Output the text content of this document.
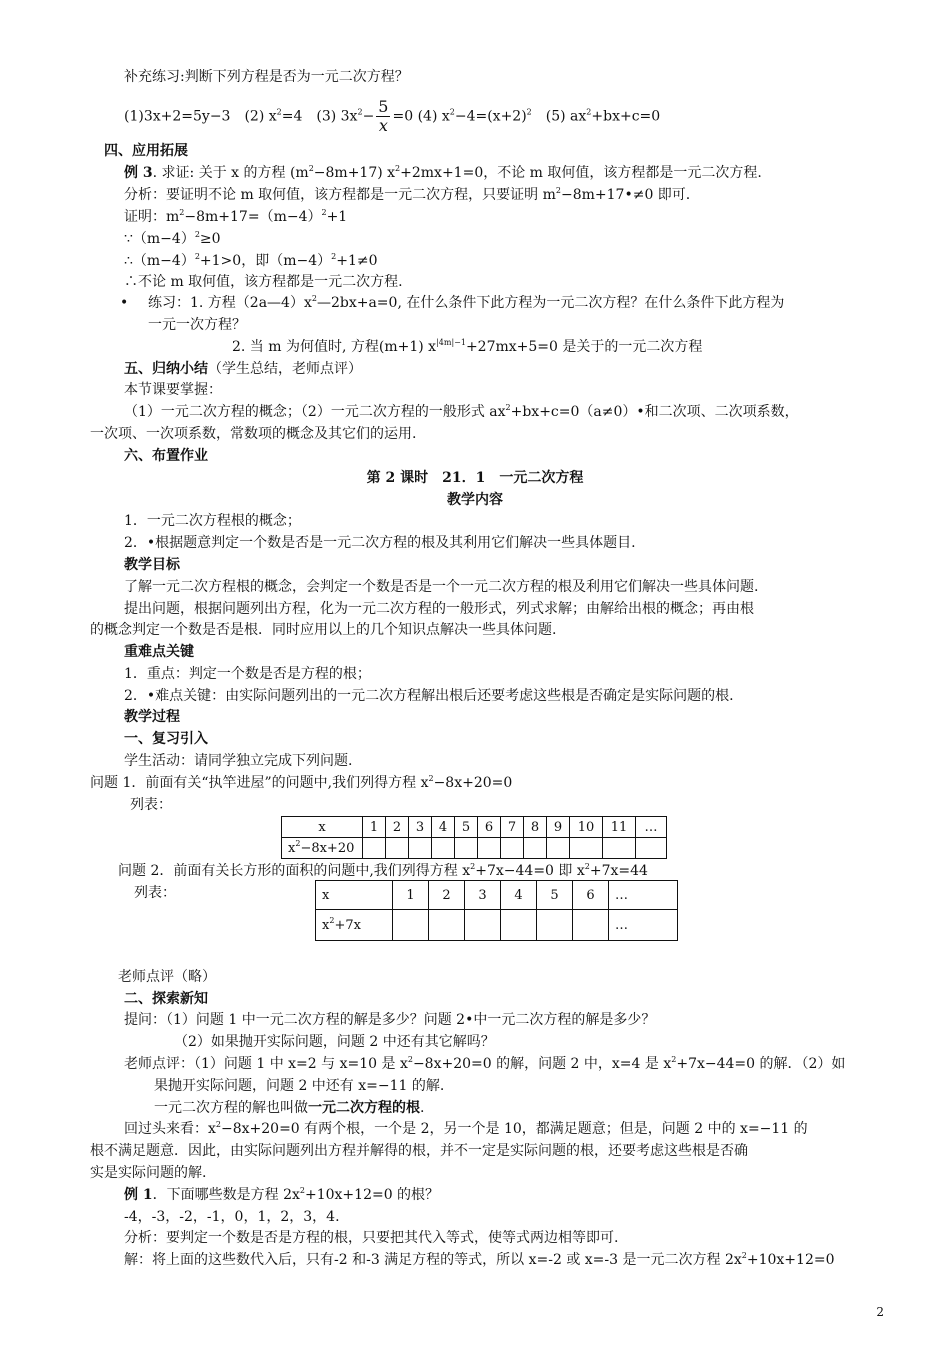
补充练习:判断下列方程是否为一元二次方程？
(1)3x+2=5y−3　(2) $x^2=4$　(3) $3x^2- \frac{5}{x} =0$ (4) $x^2-4=(x+2)^2$　(5) $ax^2+bx+c=0$
四、应用拓展
例 3. 求证: 关于 x 的方程 $(m^2-8m+17)$ $x^2+2mx+1=0$，不论 m 取何值，该方程都是一元二次方程.
分析：要证明不论 m 取何值，该方程都是一元二次方程，只要证明 $m^2-8m+17•\ne 0$ 即可.
证明：$m^2-8m+17=(m-4)^2+1$
$\because(m-4)^2\ge 0$
$\therefore(m-4)^2+1>0$，即$(m-4)^2+1\ne 0$
∴不论 m 取何值，该方程都是一元二次方程.
• 练习：1. 方程$(2a—4)x^2—2bx+a=0$, 在什么条件下此方程为一元二次方程？在什么条件下此方程为
一元一次方程？
2. 当 m 为何值时, 方程(m+1) $x^{|4m|-1}+27mx+5=0$ 是关于的一元二次方程
五、归纳小结（学生总结，老师点评）
本节课要掌握：
（1）一元二次方程的概念；（2）一元二次方程的一般形式 $ax^2+bx+c=0(a\ne 0)•$和二次项、二次项系数，
一次项、一次项系数，常数项的概念及其它们的运用.
六、布置作业
第 2 课时　21．1　一元二次方程
教学内容
1．一元二次方程根的概念；
2．•根据题意判定一个数是否是一元二次方程的根及其利用它们解决一些具体题目.
教学目标
了解一元二次方程根的概念，会判定一个数是否是一个一元二次方程的根及利用它们解决一些具体问题.
提出问题，根据问题列出方程，化为一元二次方程的一般形式，列式求解；由解给出根的概念；再由根
的概念判定一个数是否是根．同时应用以上的几个知识点解决一些具体问题.
重难点关键
1．重点：判定一个数是否是方程的根；
2．•难点关键：由实际问题列出的一元二次方程解出根后还要考虑这些根是否确定是实际问题的根.
教学过程
一、复习引入
学生活动：请同学独立完成下列问题.
问题 1．前面有关“执竿进屋”的问题中,我们列得方程 $x^2-8x+20=0$
列表：
x	1	2	3	4	5	6	7	8	9	10	11	…
$x^2-8x+20$												
问题 2．前面有关长方形的面积的问题中,我们列得方程 $x^2+7x-44=0$ 即 $x^2+7x=44$
列表：	x	1	2	3	4	5	6	…
$x^2+7x$							…
老师点评（略）
二、探索新知
提问：（1）问题 1 中一元二次方程的解是多少？问题 2•中一元二次方程的解是多少？
（2）如果抛开实际问题，问题 2 中还有其它解吗？
老师点评：（1）问题 1 中 x=2 与 x=10 是 $x^2-8x+20=0$ 的解，问题 2 中，x=4 是 $x^2+7x-44=0$ 的解．（2）如
果抛开实际问题，问题 2 中还有 x=−11 的解.
一元二次方程的解也叫做一元二次方程的根.
回过头来看：$x^2-8x+20=0$ 有两个根，一个是 2，另一个是 10，都满足题意；但是，问题 2 中的 x=−11 的
根不满足题意．因此，由实际问题列出方程并解得的根，并不一定是实际问题的根，还要考虑这些根是否确
实是实际问题的解.
例 1．下面哪些数是方程 $2x^2+10x+12=0$ 的根？
-4，-3，-2，-1，0，1，2，3，4.
分析：要判定一个数是否是方程的根，只要把其代入等式，使等式两边相等即可.
解：将上面的这些数代入后，只有-2 和-3 满足方程的等式，所以 x=-2 或 x=-3 是一元二次方程 $2x^2+10x+12=0$
2
